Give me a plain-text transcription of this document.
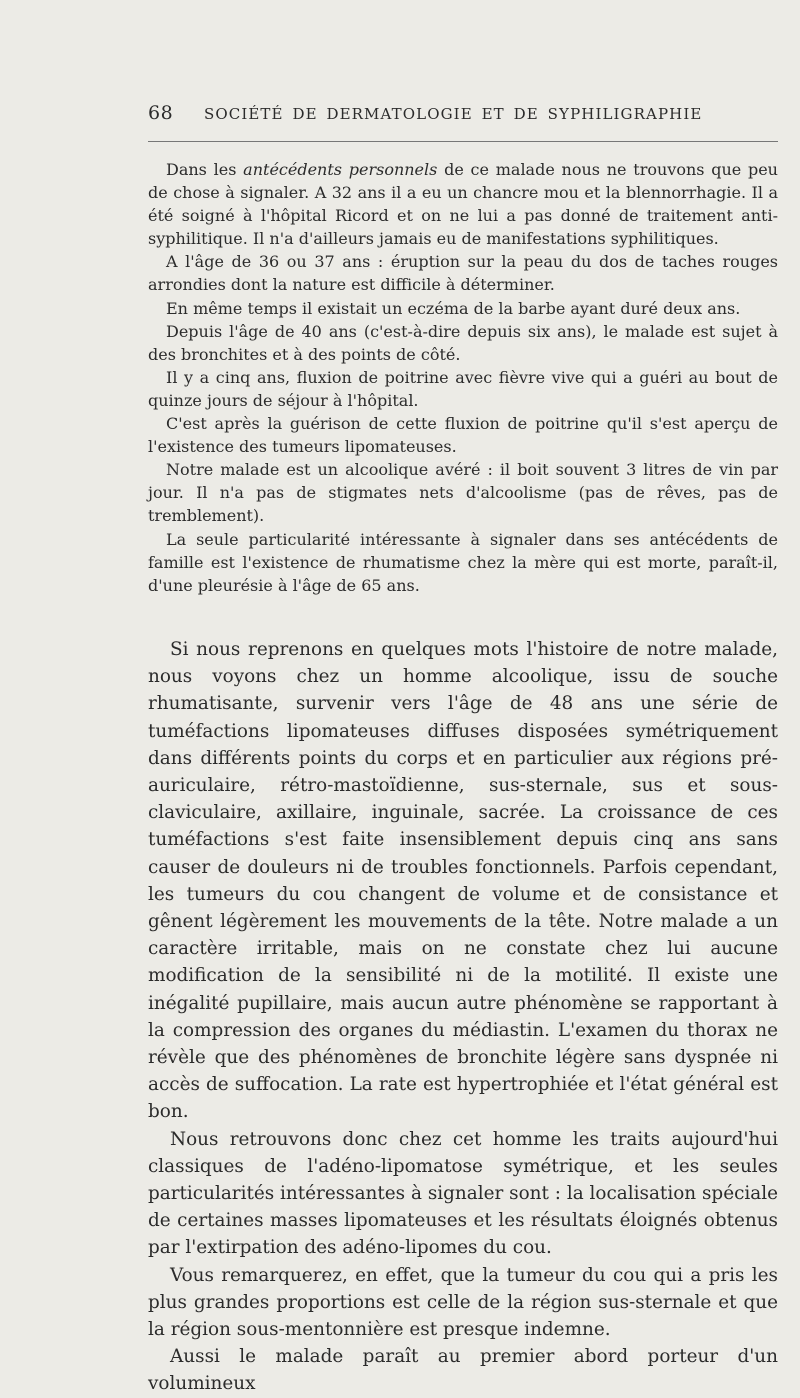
68	SOCIÉTÉ DE DERMATOLOGIE ET DE SYPHILIGRAPHIE

Dans les antécédents personnels de ce malade nous ne trouvons que peu de chose à signaler. A 32 ans il a eu un chancre mou et la blennorrhagie. Il a été soigné à l'hôpital Ricord et on ne lui a pas donné de traitement anti-syphilitique. Il n'a d'ailleurs jamais eu de manifestations syphilitiques.

A l'âge de 36 ou 37 ans : éruption sur la peau du dos de taches rouges arrondies dont la nature est difficile à déterminer.

En même temps il existait un eczéma de la barbe ayant duré deux ans.

Depuis l'âge de 40 ans (c'est-à-dire depuis six ans), le malade est sujet à des bronchites et à des points de côté.

Il y a cinq ans, fluxion de poitrine avec fièvre vive qui a guéri au bout de quinze jours de séjour à l'hôpital.

C'est après la guérison de cette fluxion de poitrine qu'il s'est aperçu de l'existence des tumeurs lipomateuses.

Notre malade est un alcoolique avéré : il boit souvent 3 litres de vin par jour. Il n'a pas de stigmates nets d'alcoolisme (pas de rêves, pas de tremblement).

La seule particularité intéressante à signaler dans ses antécédents de famille est l'existence de rhumatisme chez la mère qui est morte, paraît-il, d'une pleurésie à l'âge de 65 ans.

Si nous reprenons en quelques mots l'histoire de notre malade, nous voyons chez un homme alcoolique, issu de souche rhumatisante, survenir vers l'âge de 48 ans une série de tuméfactions lipomateuses diffuses disposées symétriquement dans différents points du corps et en particulier aux régions pré-auriculaire, rétro-mastoïdienne, sus-sternale, sus et sous-claviculaire, axillaire, inguinale, sacrée. La croissance de ces tuméfactions s'est faite insensiblement depuis cinq ans sans causer de douleurs ni de troubles fonctionnels. Parfois cependant, les tumeurs du cou changent de volume et de consistance et gênent légèrement les mouvements de la tête. Notre malade a un caractère irritable, mais on ne constate chez lui aucune modification de la sensibilité ni de la motilité. Il existe une inégalité pupillaire, mais aucun autre phénomène se rapportant à la compression des organes du médiastin. L'examen du thorax ne révèle que des phénomènes de bronchite légère sans dyspnée ni accès de suffocation. La rate est hypertrophiée et l'état général est bon.

Nous retrouvons donc chez cet homme les traits aujourd'hui classiques de l'adéno-lipomatose symétrique, et les seules particularités intéressantes à signaler sont : la localisation spéciale de certaines masses lipomateuses et les résultats éloignés obtenus par l'extirpation des adéno-lipomes du cou.

Vous remarquerez, en effet, que la tumeur du cou qui a pris les plus grandes proportions est celle de la région sus-sternale et que la région sous-mentonnière est presque indemne.

Aussi le malade paraît au premier abord porteur d'un volumineux
